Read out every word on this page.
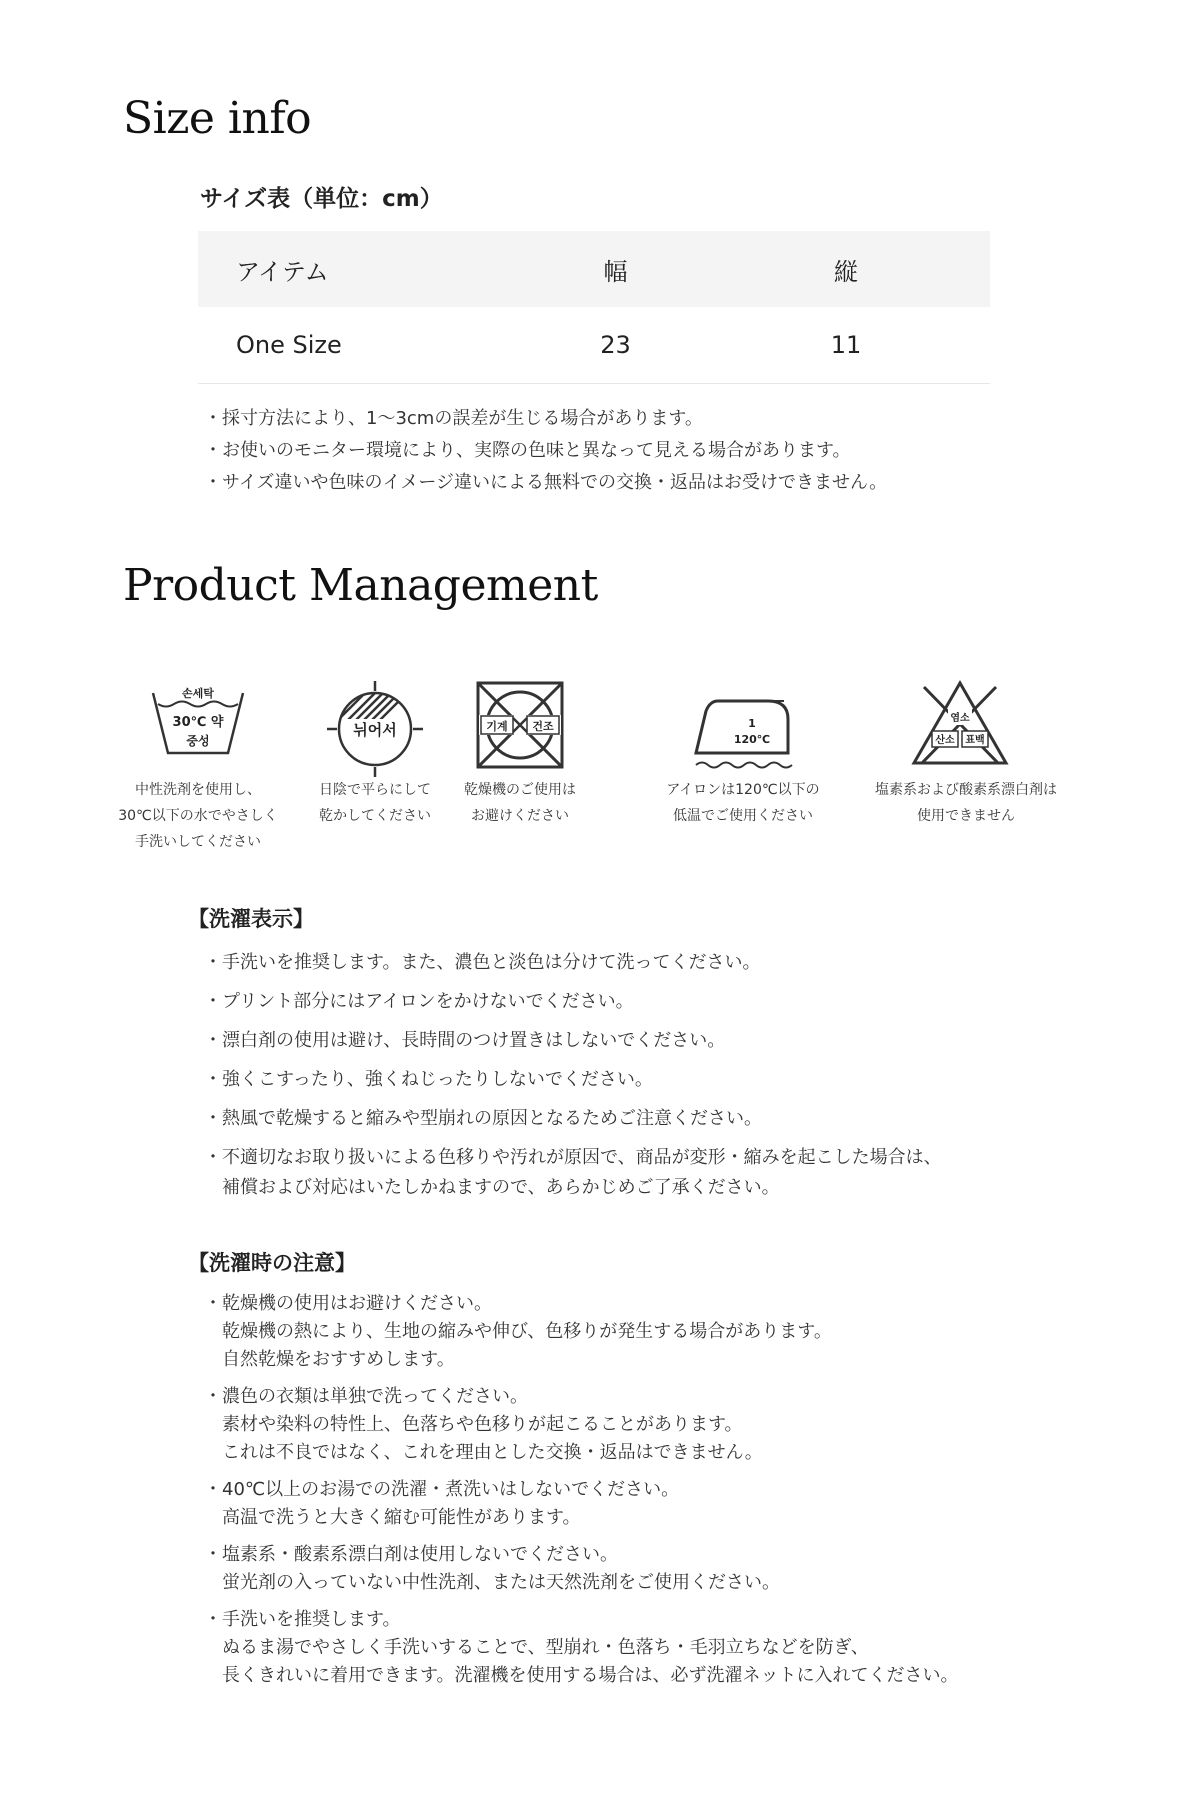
Size info

サイズ表（単位：cm）

アイテム	幅	縦
One Size	23	11
・採寸方法により、1〜3cmの誤差が生じる場合があります。
・お使いのモニター環境により、実際の色味と異なって見える場合があります。
・サイズ違いや色味のイメージ違いによる無料での交換・返品はお受けできません。
Product Management
손세탁
30℃ 약
중성
뉘어서	기계 건조	1
120℃
염소
산소 표백
中性洗剤を使用し、
30℃以下の水でやさしく
手洗いしてください
日陰で平らにして
乾かしてください
乾燥機のご使用は
お避けください
アイロンは120℃以下の
低温でご使用ください
塩素系および酸素系漂白剤は
使用できません
【洗濯表示】
・手洗いを推奨します。また、濃色と淡色は分けて洗ってください。
・プリント部分にはアイロンをかけないでください。
・漂白剤の使用は避け、長時間のつけ置きはしないでください。
・強くこすったり、強くねじったりしないでください。
・熱風で乾燥すると縮みや型崩れの原因となるためご注意ください。
・不適切なお取り扱いによる色移りや汚れが原因で、商品が変形・縮みを起こした場合は、
補償および対応はいたしかねますので、あらかじめご了承ください。
【洗濯時の注意】
・乾燥機の使用はお避けください。
乾燥機の熱により、生地の縮みや伸び、色移りが発生する場合があります。
自然乾燥をおすすめします。
・濃色の衣類は単独で洗ってください。
素材や染料の特性上、色落ちや色移りが起こることがあります。
これは不良ではなく、これを理由とした交換・返品はできません。
・40℃以上のお湯での洗濯・煮洗いはしないでください。
高温で洗うと大きく縮む可能性があります。
・塩素系・酸素系漂白剤は使用しないでください。
蛍光剤の入っていない中性洗剤、または天然洗剤をご使用ください。
・手洗いを推奨します。
ぬるま湯でやさしく手洗いすることで、型崩れ・色落ち・毛羽立ちなどを防ぎ、
長くきれいに着用できます。洗濯機を使用する場合は、必ず洗濯ネットに入れてください。
